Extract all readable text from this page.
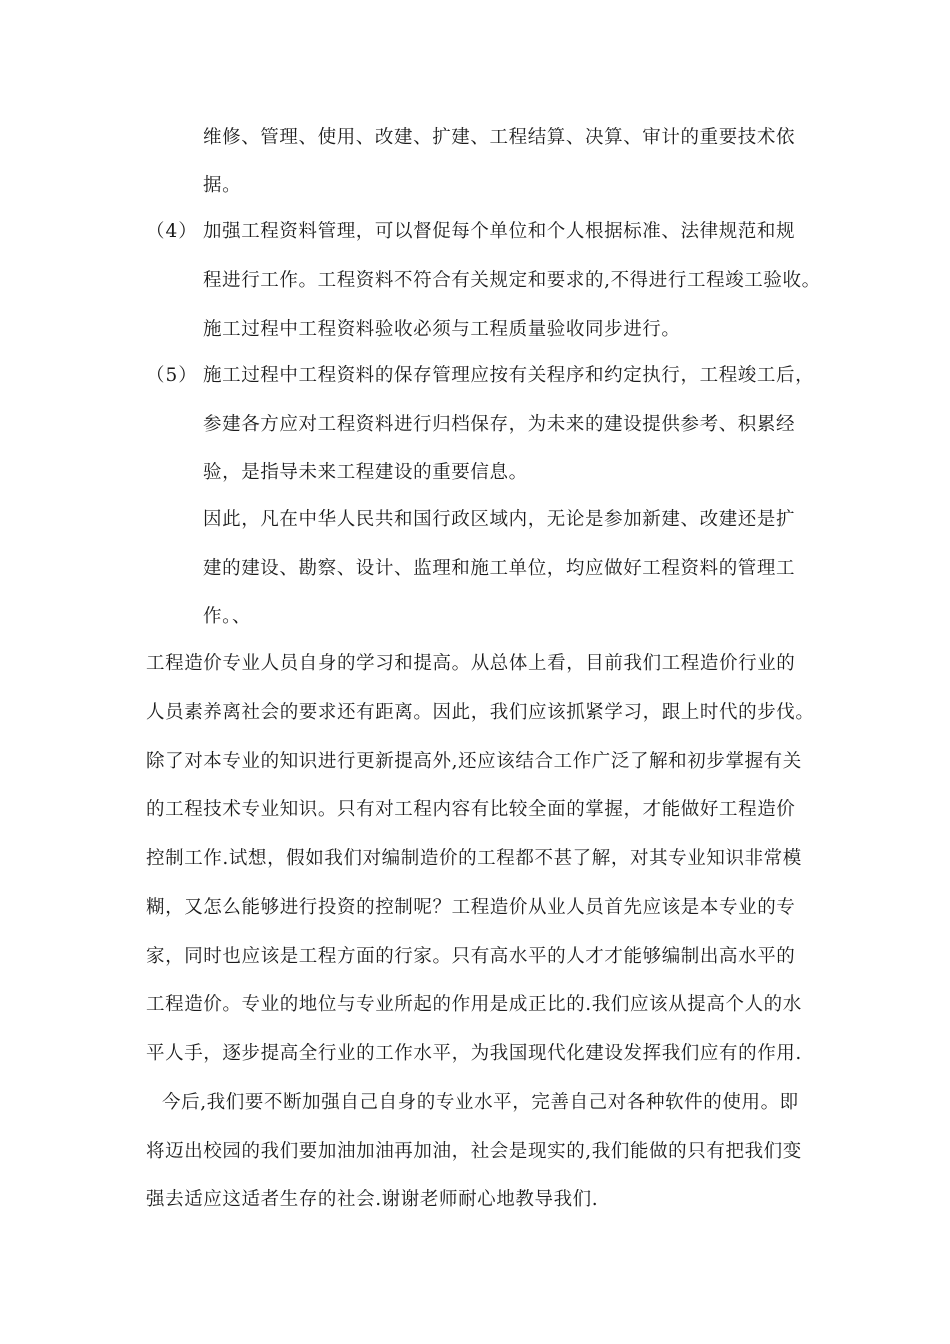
维修、管理、使用、改建、扩建、工程结算、决算、审计的重要技术依
据。
（4） 加强工程资料管理，可以督促每个单位和个人根据标准、法律规范和规
程进行工作。工程资料不符合有关规定和要求的,不得进行工程竣工验收。
施工过程中工程资料验收必须与工程质量验收同步进行。
（5） 施工过程中工程资料的保存管理应按有关程序和约定执行，工程竣工后，
参建各方应对工程资料进行归档保存，为未来的建设提供参考、积累经
验，是指导未来工程建设的重要信息。
因此，凡在中华人民共和国行政区域内，无论是参加新建、改建还是扩
建的建设、勘察、设计、监理和施工单位，均应做好工程资料的管理工
作。、
工程造价专业人员自身的学习和提高。从总体上看，目前我们工程造价行业的
人员素养离社会的要求还有距离。因此，我们应该抓紧学习，跟上时代的步伐。
除了对本专业的知识进行更新提高外,还应该结合工作广泛了解和初步掌握有关
的工程技术专业知识。只有对工程内容有比较全面的掌握，才能做好工程造价
控制工作.试想，假如我们对编制造价的工程都不甚了解，对其专业知识非常模
糊，又怎么能够进行投资的控制呢？工程造价从业人员首先应该是本专业的专
家，同时也应该是工程方面的行家。只有高水平的人才才能够编制出高水平的
工程造价。专业的地位与专业所起的作用是成正比的.我们应该从提高个人的水
平人手，逐步提高全行业的工作水平，为我国现代化建设发挥我们应有的作用.
今后,我们要不断加强自己自身的专业水平，完善自己对各种软件的使用。即
将迈出校园的我们要加油加油再加油，社会是现实的,我们能做的只有把我们变
强去适应这适者生存的社会.谢谢老师耐心地教导我们.
